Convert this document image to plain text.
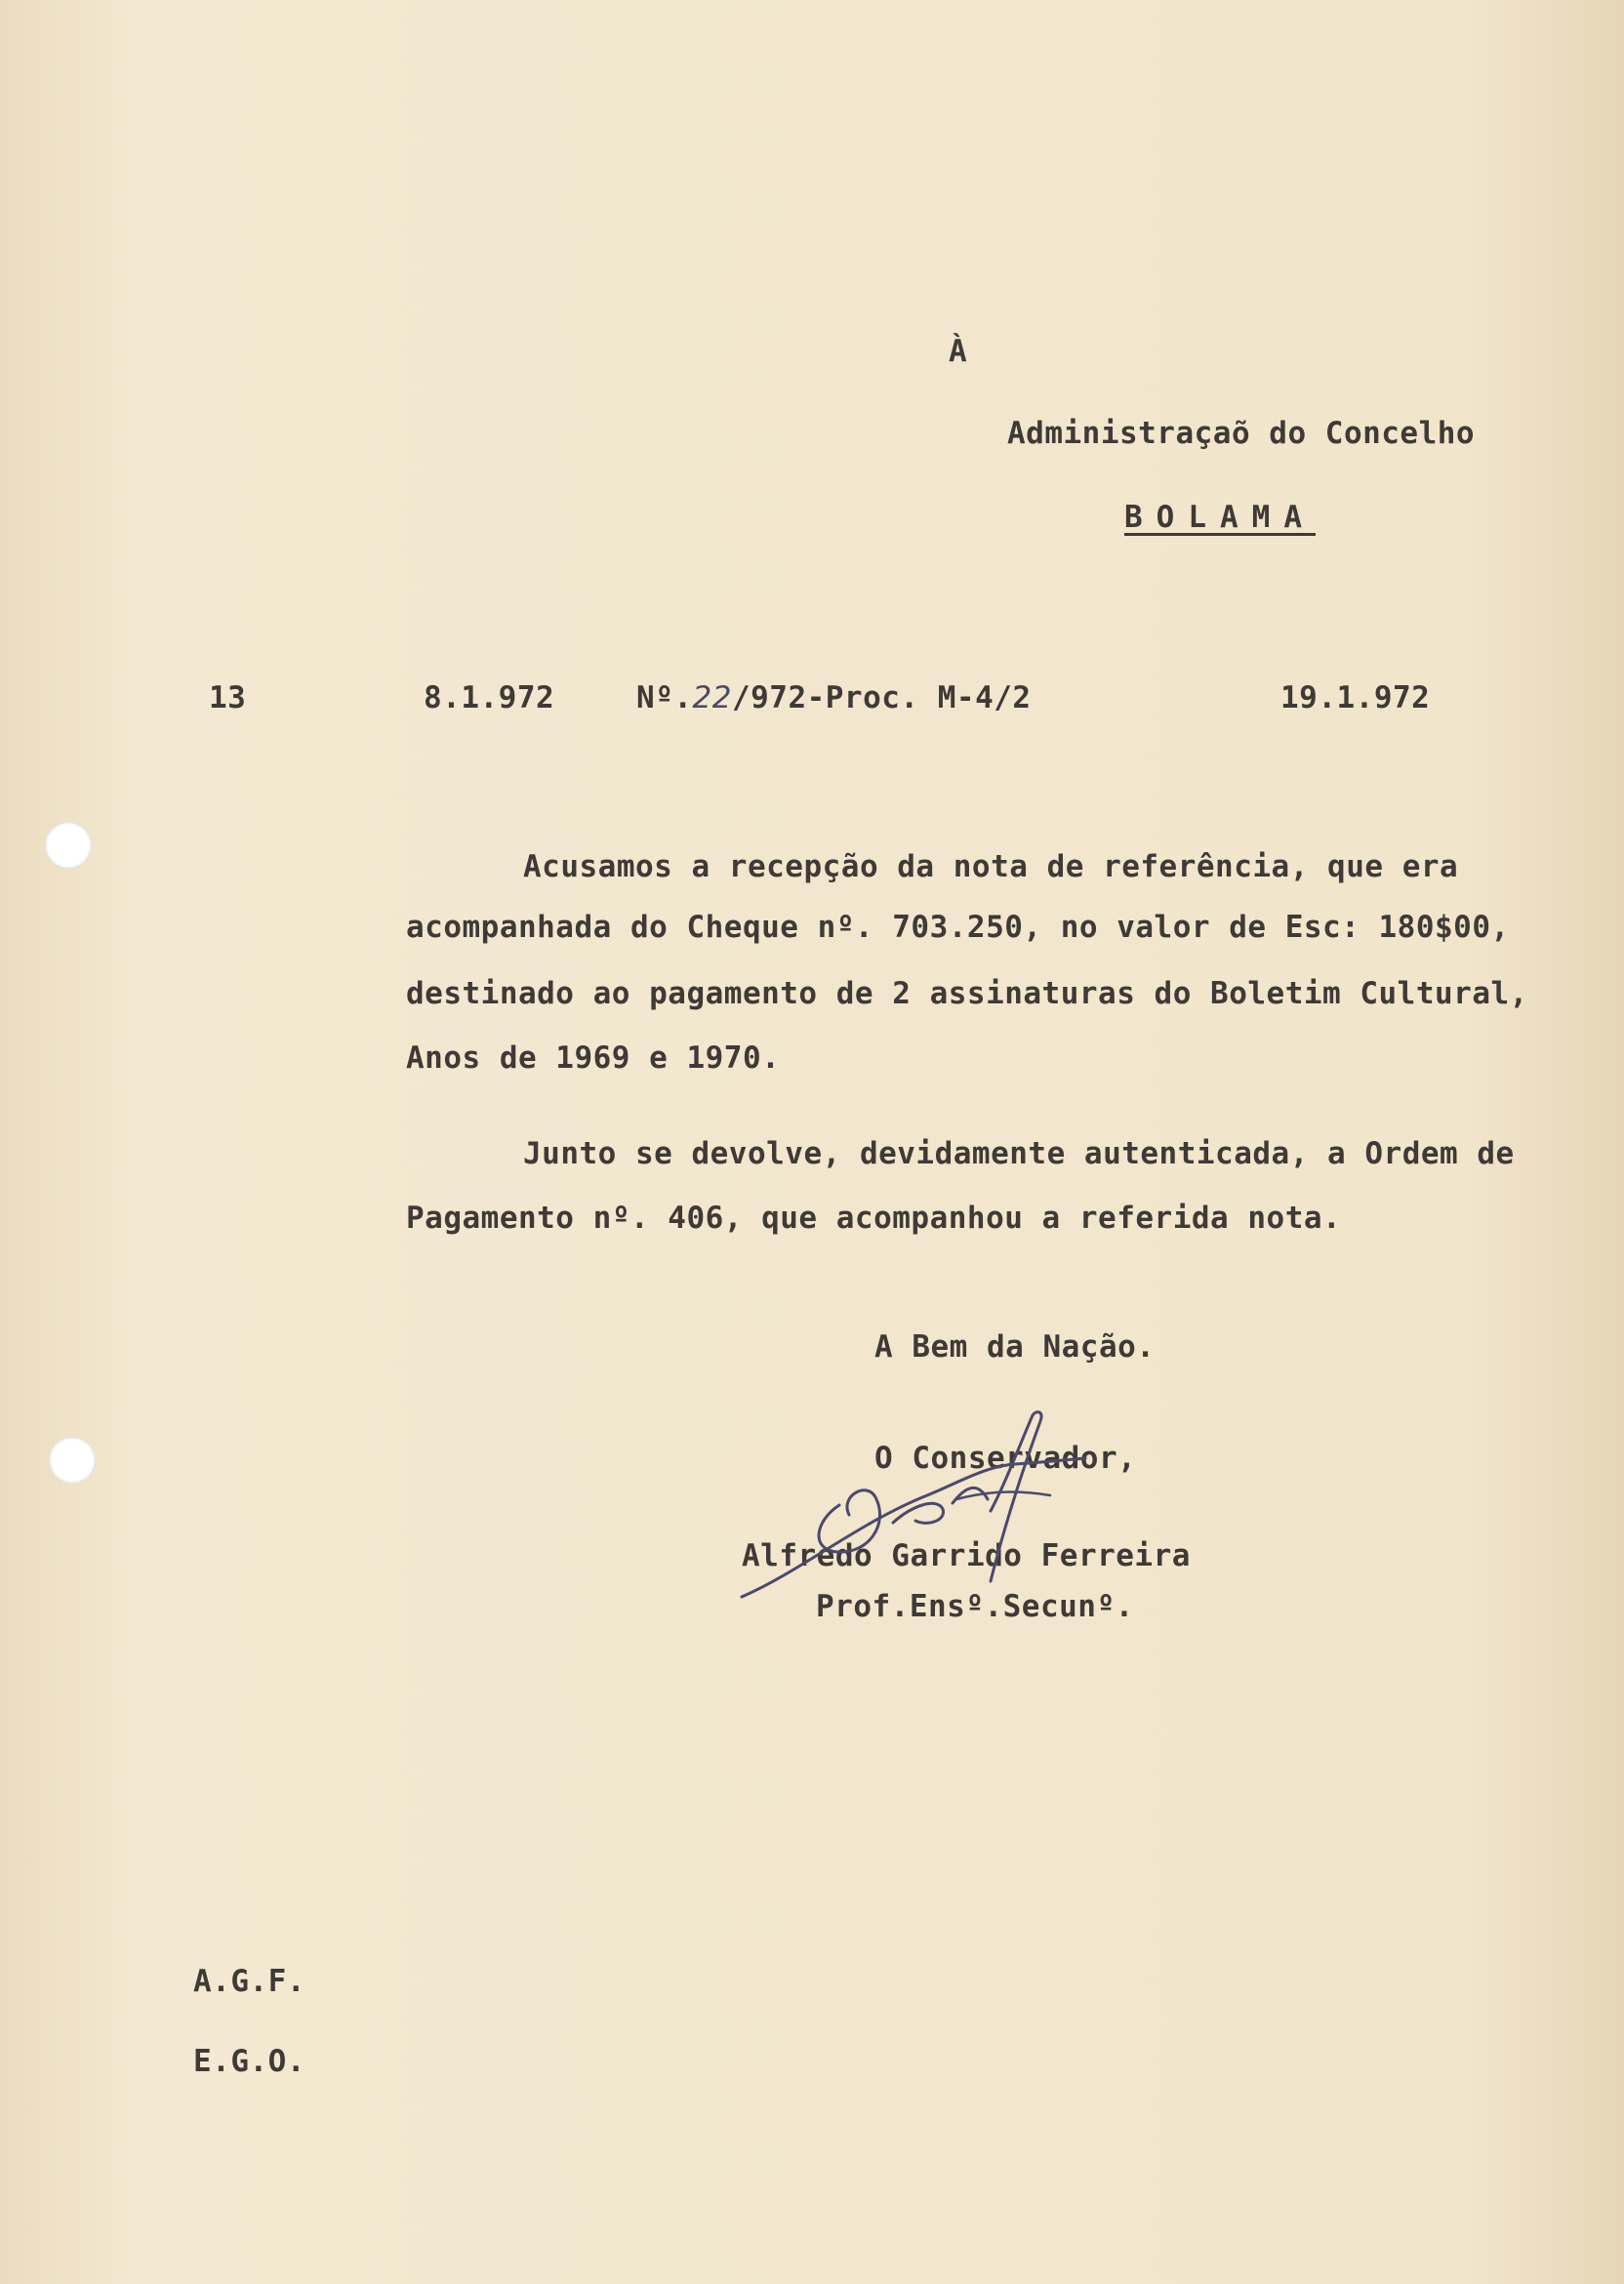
À
Administraçaõ do Concelho
BOLAMA
13	8.1.972	Nº.22/972-Proc. M-4/2	19.1.972
Acusamos a recepção da nota de referência, que era
acompanhada do Cheque nº. 703.250, no valor de Esc: 180$00,
destinado ao pagamento de 2 assinaturas do Boletim Cultural,
Anos de 1969 e 1970.
Junto se devolve, devidamente autenticada, a Ordem de
Pagamento nº. 406, que acompanhou a referida nota.
A Bem da Nação.
O Conservador,
Alfredo Garrido Ferreira
Prof.Ensº.Secunº.
A.G.F.
E.G.O.
